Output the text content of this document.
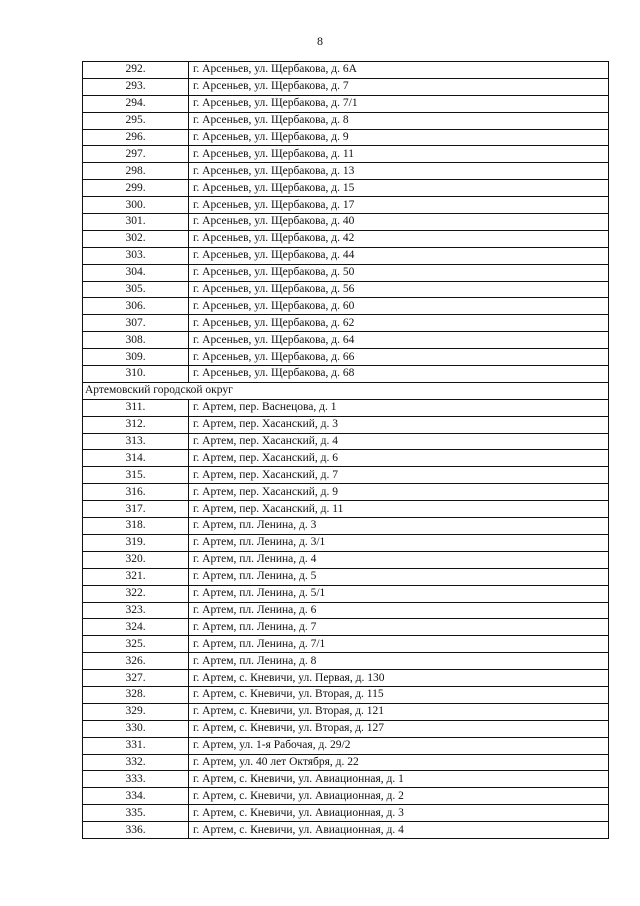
8
292.	г. Арсеньев, ул. Щербакова, д. 6А
293.	г. Арсеньев, ул. Щербакова, д. 7
294.	г. Арсеньев, ул. Щербакова, д. 7/1
295.	г. Арсеньев, ул. Щербакова, д. 8
296.	г. Арсеньев, ул. Щербакова, д. 9
297.	г. Арсеньев, ул. Щербакова, д. 11
298.	г. Арсеньев, ул. Щербакова, д. 13
299.	г. Арсеньев, ул. Щербакова, д. 15
300.	г. Арсеньев, ул. Щербакова, д. 17
301.	г. Арсеньев, ул. Щербакова, д. 40
302.	г. Арсеньев, ул. Щербакова, д. 42
303.	г. Арсеньев, ул. Щербакова, д. 44
304.	г. Арсеньев, ул. Щербакова, д. 50
305.	г. Арсеньев, ул. Щербакова, д. 56
306.	г. Арсеньев, ул. Щербакова, д. 60
307.	г. Арсеньев, ул. Щербакова, д. 62
308.	г. Арсеньев, ул. Щербакова, д. 64
309.	г. Арсеньев, ул. Щербакова, д. 66
310.	г. Арсеньев, ул. Щербакова, д. 68
Артемовский городской округ	
311.	г. Артем, пер. Васнецова, д. 1
312.	г. Артем, пер. Хасанский, д. 3
313.	г. Артем, пер. Хасанский, д. 4
314.	г. Артем, пер. Хасанский, д. 6
315.	г. Артем, пер. Хасанский, д. 7
316.	г. Артем, пер. Хасанский, д. 9
317.	г. Артем, пер. Хасанский, д. 11
318.	г. Артем, пл. Ленина, д. 3
319.	г. Артем, пл. Ленина, д. 3/1
320.	г. Артем, пл. Ленина, д. 4
321.	г. Артем, пл. Ленина, д. 5
322.	г. Артем, пл. Ленина, д. 5/1
323.	г. Артем, пл. Ленина, д. 6
324.	г. Артем, пл. Ленина, д. 7
325.	г. Артем, пл. Ленина, д. 7/1
326.	г. Артем, пл. Ленина, д. 8
327.	г. Артем, с. Кневичи, ул. Первая, д. 130
328.	г. Артем, с. Кневичи, ул. Вторая, д. 115
329.	г. Артем, с. Кневичи, ул. Вторая, д. 121
330.	г. Артем, с. Кневичи, ул. Вторая, д. 127
331.	г. Артем, ул. 1-я Рабочая, д. 29/2
332.	г. Артем, ул. 40 лет Октября, д. 22
333.	г. Артем, с. Кневичи, ул. Авиационная, д. 1
334.	г. Артем, с. Кневичи, ул. Авиационная, д. 2
335.	г. Артем, с. Кневичи, ул. Авиационная, д. 3
336.	г. Артем, с. Кневичи, ул. Авиационная, д. 4
